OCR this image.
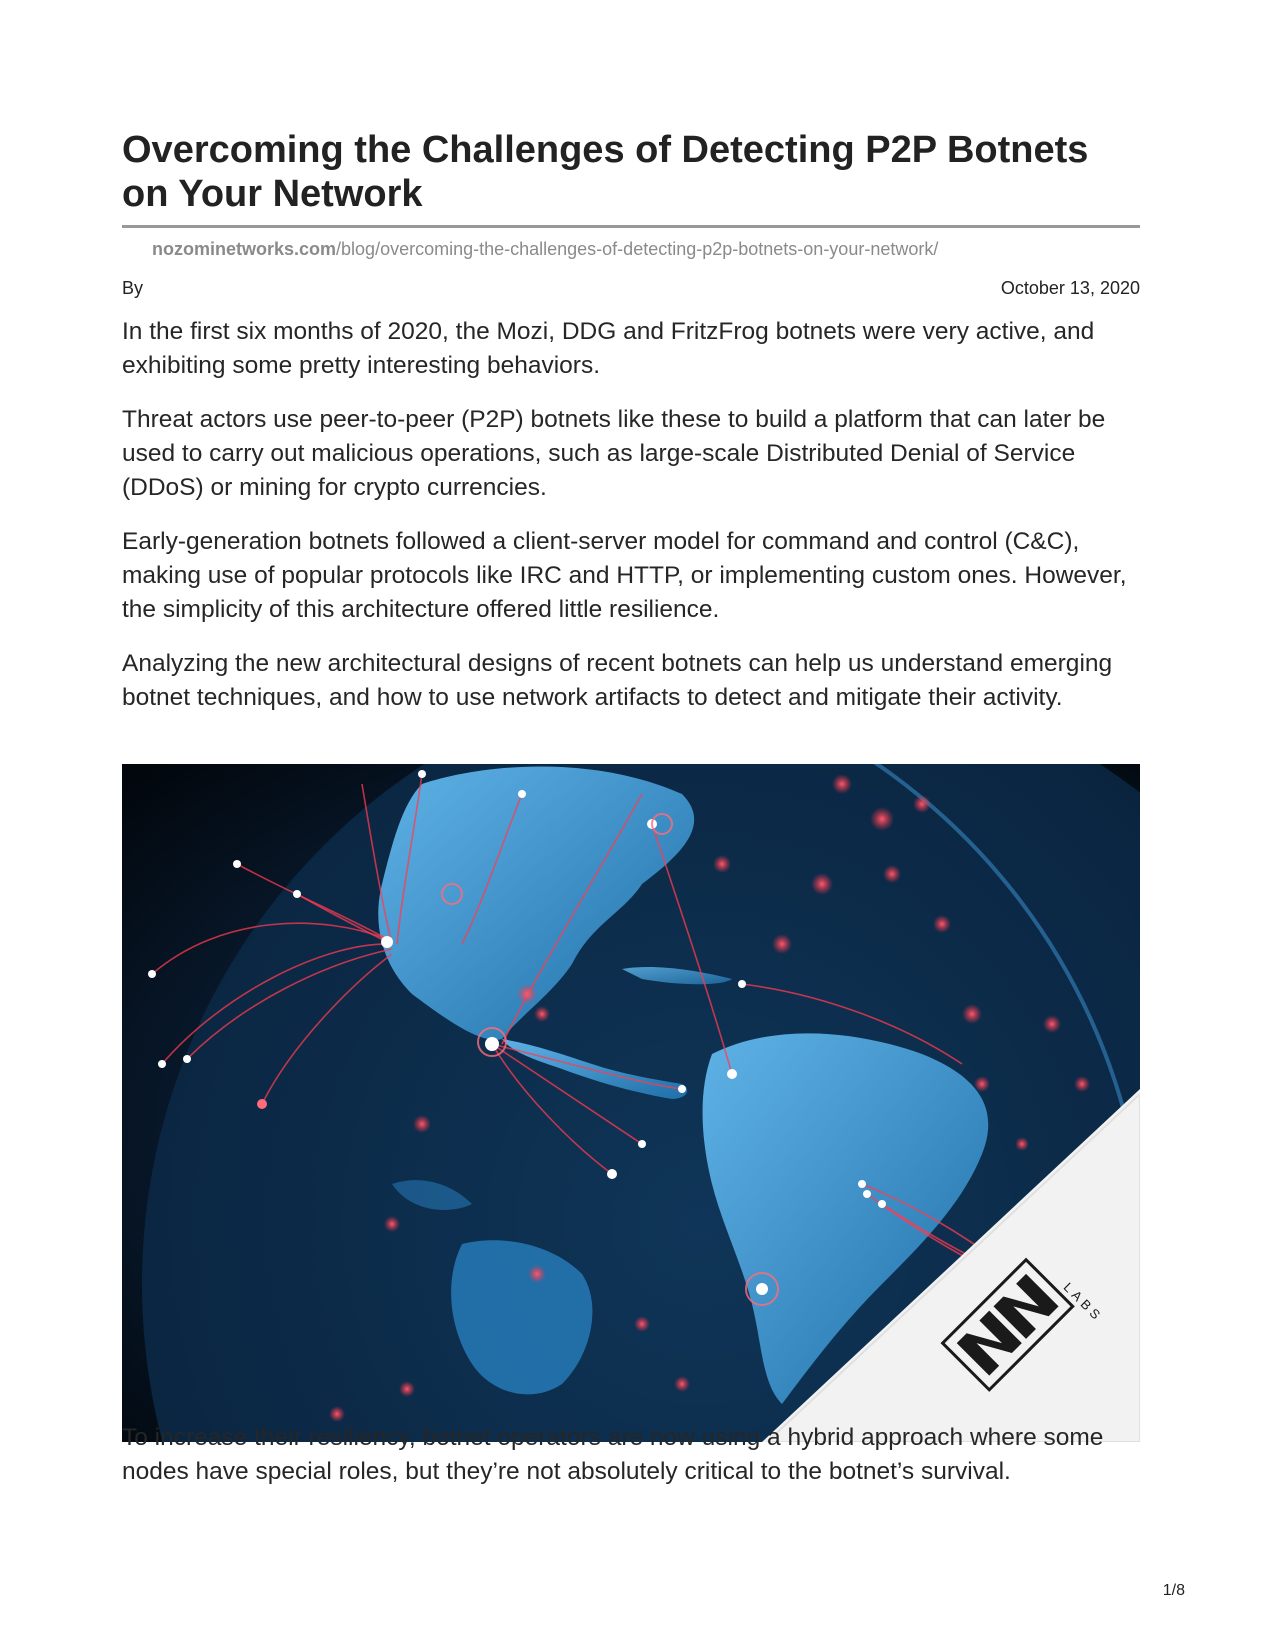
Overcoming the Challenges of Detecting P2P Botnets on Your Network
nozominetworks.com/blog/overcoming-the-challenges-of-detecting-p2p-botnets-on-your-network/
By	October 13, 2020

In the first six months of 2020, the Mozi, DDG and FritzFrog botnets were very active, and exhibiting some pretty interesting behaviors.

Threat actors use peer-to-peer (P2P) botnets like these to build a platform that can later be used to carry out malicious operations, such as large-scale Distributed Denial of Service (DDoS) or mining for crypto currencies.

Early-generation botnets followed a client-server model for command and control (C&C), making use of popular protocols like IRC and HTTP, or implementing custom ones. However, the simplicity of this architecture offered little resilience.

Analyzing the new architectural designs of recent botnets can help us understand emerging botnet techniques, and how to use network artifacts to detect and mitigate their activity.

LABS

To increase their resiliency, botnet operators are now using a hybrid approach where some nodes have special roles, but they’re not absolutely critical to the botnet’s survival.

1/8
